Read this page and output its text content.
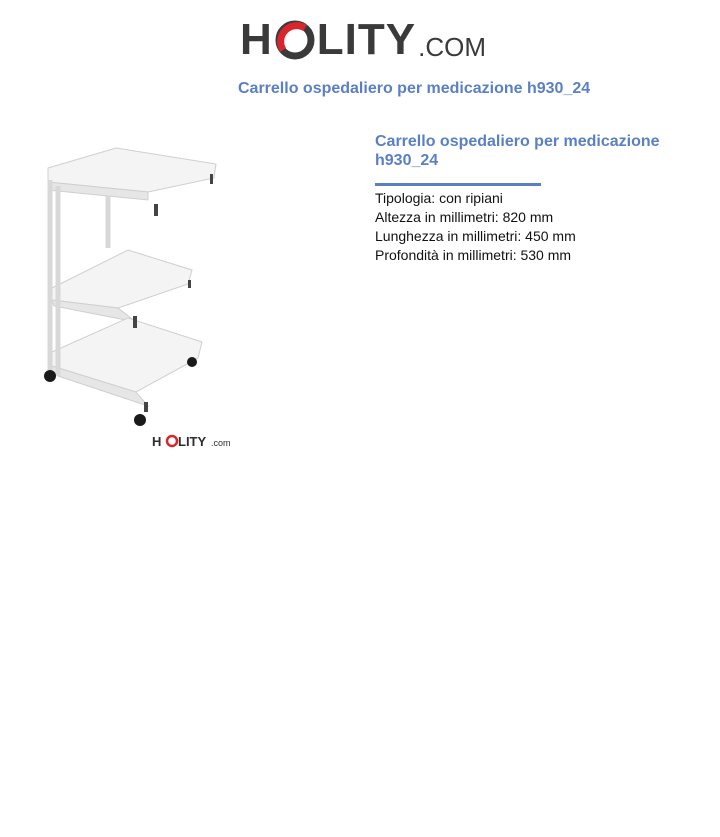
H LITY .COM
Carrello ospedaliero per medicazione h930_24
H LITY .com
Carrello ospedaliero per medicazione h930_24
Tipologia: con ripiani
Altezza in millimetri: 820 mm
Lunghezza in millimetri: 450 mm
Profondità in millimetri: 530 mm
